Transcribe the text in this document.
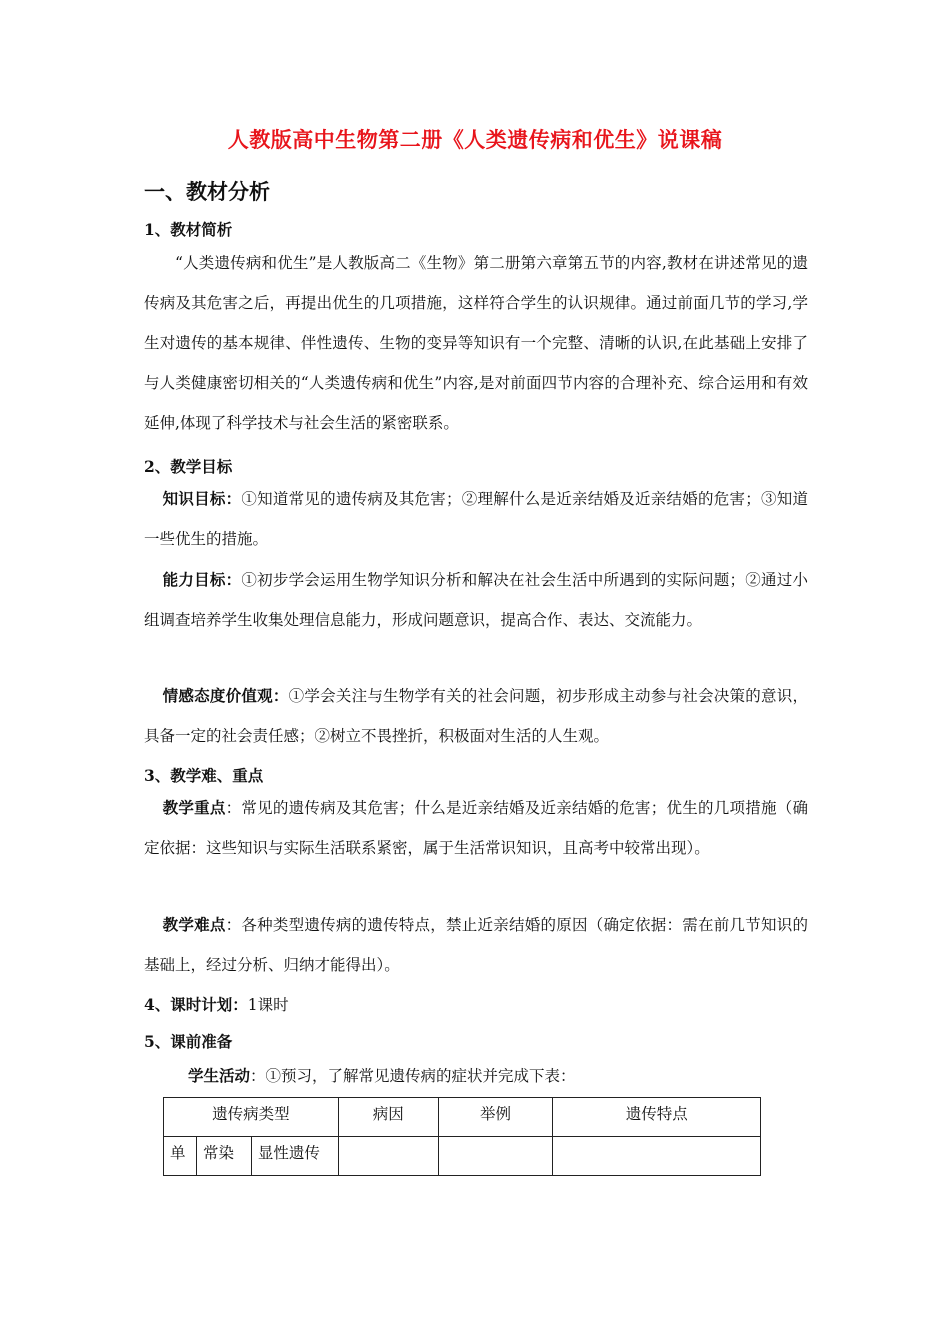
人教版高中生物第二册《人类遗传病和优生》说课稿
一、教材分析
1、教材简析
“人类遗传病和优生”是人教版高二《生物》第二册第六章第五节的内容,教材在讲述常见的遗传病及其危害之后，再提出优生的几项措施，这样符合学生的认识规律。通过前面几节的学习,学生对遗传的基本规律、伴性遗传、生物的变异等知识有一个完整、清晰的认识,在此基础上安排了与人类健康密切相关的“人类遗传病和优生”内容,是对前面四节内容的合理补充、综合运用和有效延伸,体现了科学技术与社会生活的紧密联系。
2、教学目标
知识目标：①知道常见的遗传病及其危害；②理解什么是近亲结婚及近亲结婚的危害；③知道一些优生的措施。
能力目标：①初步学会运用生物学知识分析和解决在社会生活中所遇到的实际问题；②通过小组调查培养学生收集处理信息能力，形成问题意识，提高合作、表达、交流能力。
情感态度价值观：①学会关注与生物学有关的社会问题，初步形成主动参与社会决策的意识，具备一定的社会责任感；②树立不畏挫折，积极面对生活的人生观。
3、教学难、重点
教学重点：常见的遗传病及其危害；什么是近亲结婚及近亲结婚的危害；优生的几项措施（确定依据：这些知识与实际生活联系紧密，属于生活常识知识，且高考中较常出现）。
教学难点：各种类型遗传病的遗传特点，禁止近亲结婚的原因（确定依据：需在前几节知识的基础上，经过分析、归纳才能得出）。
4、课时计划：1课时
5、课前准备
学生活动：①预习，了解常见遗传病的症状并完成下表：
遗传病类型			病因	举例	遗传特点
单	常染	显性遗传			
